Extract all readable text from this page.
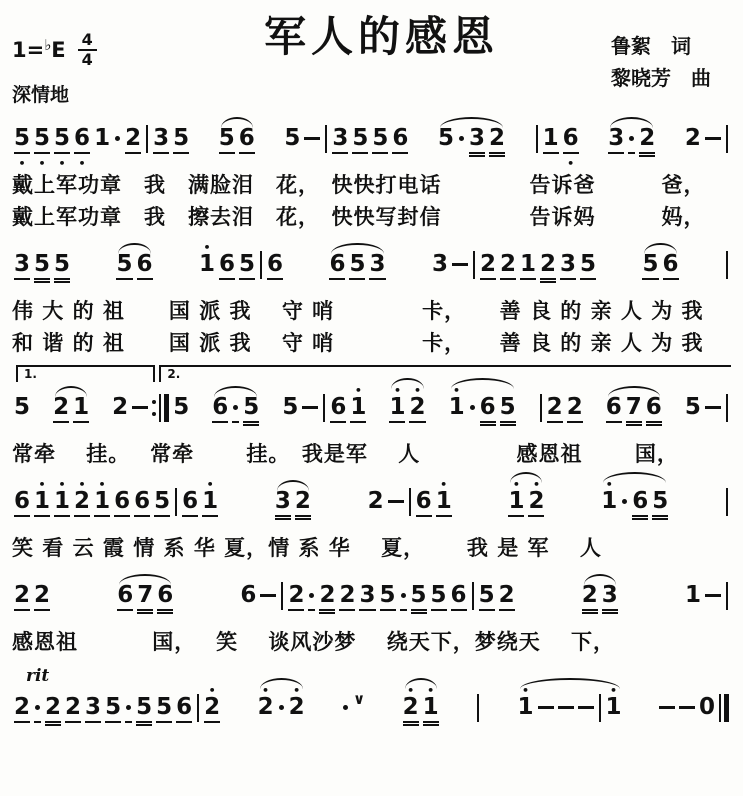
$1=^♭E \frac{4}{4}$
深情地
军人的感恩	鲁絮　词
黎晓芳　曲
5
•
5
•
5
•
6
•
1 2 3 5 5 6 5 3 5 5 6 5 3 2 1 6
•
3 2 2
戴上军功章　我　满脸泪　花，　快快打电话　　　　告诉爸　　　爸，
戴上军功章　我　擦去泪　花，　快快写封信　　　　告诉妈　　　妈，
3 5 5 5 6
•
1 6 5 6 6 5 3 3 2 2 1 2 3 5 5 6
伟 大 的 祖　　国 派 我　 守 哨　　　　卡，　　善 良 的 亲 人 为 我
和 谐 的 祖　　国 派 我　 守 哨　　　　卡，　　善 良 的 亲 人 为 我
1.	2.
5 2 1 2 5 6 5 5 6
•
1
•
1
•
2
•
1 6 5 2 2 6 7 6 5
常牵　 挂。　 常牵　　 挂。　我是军　 人　　　　 感恩祖　　 国，
6
•
1
•
1
•
2
•
1 6 6 5 6
•
1 3 2 2 6
•
1
•
1
•
2
•
1 6 5
笑 看 云 霞 情 系 华 夏，情 系 华　 夏，　　 我 是 军　 人
2 2	6 7 6	6 2 2 2 3 5 5 5 6 5 2	2 3	1
感恩祖　　　 国，　 笑　 谈风沙梦　 绕天下，梦绕天　 下，
rit
2 2 2 3 5 5 5 6
•
2
•
2
•
2	∨	•
2
•
1
•
1
•
1	0
